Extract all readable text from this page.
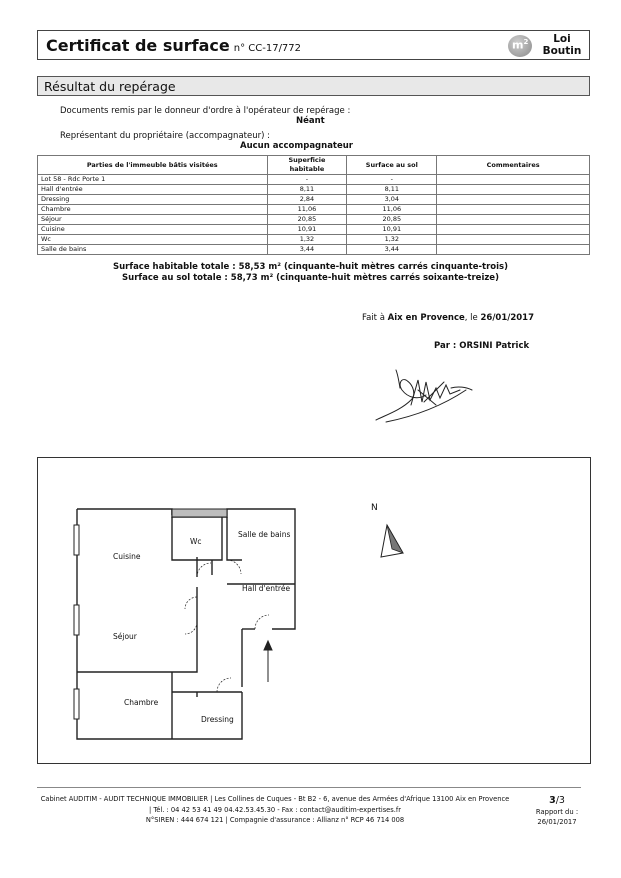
Certificat de surface n° CC-17/772	$m^2$	Loi
Boutin
Résultat du repérage
Documents remis par le donneur d'ordre à l'opérateur de repérage :
Néant
Représentant du propriétaire (accompagnateur) :
Aucun accompagnateur
Parties de l'immeuble bâtis visitées	Superficie habitable	Surface au sol	Commentaires
Lot 58 - Rdc Porte 1	-	-	
Hall d'entrée	8,11	8,11	
Dressing	2,84	3,04	
Chambre	11,06	11,06	
Séjour	20,85	20,85	
Cuisine	10,91	10,91	
Wc	1,32	1,32	
Salle de bains	3,44	3,44	
Surface habitable totale : 58,53 m² (cinquante-huit mètres carrés cinquante-trois)
Surface au sol totale : 58,73 m² (cinquante-huit mètres carrés soixante-treize)
Fait à Aix en Provence, le 26/01/2017
Par : ORSINI Patrick
N
Cuisine
Wc
Salle de bains
Hall d'entrée
Séjour
Chambre
Dressing
Cabinet AUDITIM - AUDIT TECHNIQUE IMMOBILIER | Les Collines de Cuques - Bt B2 - 6, avenue des Armées d'Afrique 13100 Aix en Provence
| Tél. : 04 42 53 41 49 04.42.53.45.30 - Fax : contact@auditim-expertises.fr
N°SIREN : 444 674 121 | Compagnie d'assurance : Allianz n° RCP 46 714 008
3/3
Rapport du :
26/01/2017
